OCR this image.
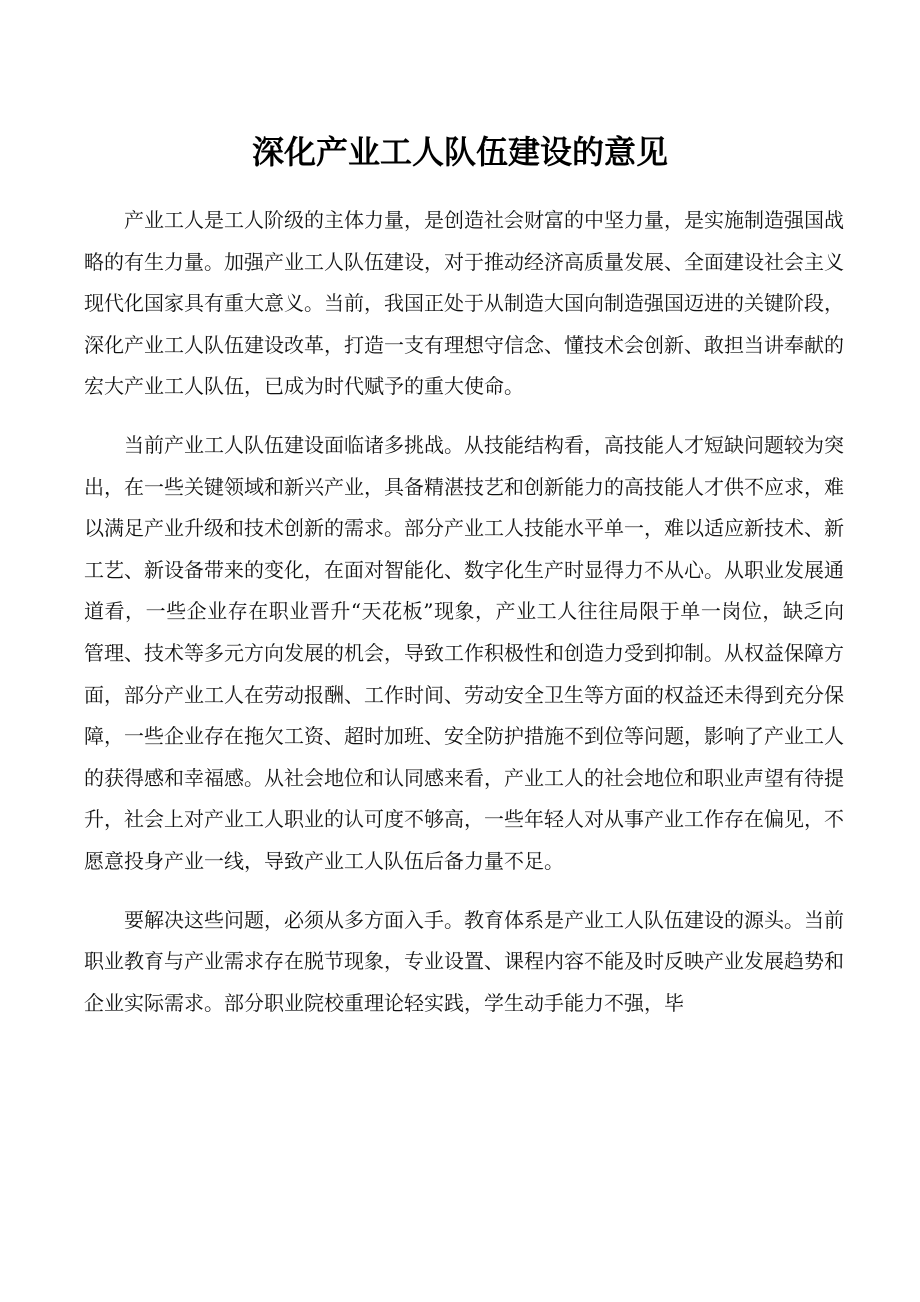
深化产业工人队伍建设的意见

产业工人是工人阶级的主体力量，是创造社会财富的中坚力量，是实施制造强国战略的有生力量。加强产业工人队伍建设，对于推动经济高质量发展、全面建设社会主义现代化国家具有重大意义。当前，我国正处于从制造大国向制造强国迈进的关键阶段，深化产业工人队伍建设改革，打造一支有理想守信念、懂技术会创新、敢担当讲奉献的宏大产业工人队伍，已成为时代赋予的重大使命。

当前产业工人队伍建设面临诸多挑战。从技能结构看，高技能人才短缺问题较为突出，在一些关键领域和新兴产业，具备精湛技艺和创新能力的高技能人才供不应求，难以满足产业升级和技术创新的需求。部分产业工人技能水平单一，难以适应新技术、新工艺、新设备带来的变化，在面对智能化、数字化生产时显得力不从心。从职业发展通道看，一些企业存在职业晋升“天花板”现象，产业工人往往局限于单一岗位，缺乏向管理、技术等多元方向发展的机会，导致工作积极性和创造力受到抑制。从权益保障方面，部分产业工人在劳动报酬、工作时间、劳动安全卫生等方面的权益还未得到充分保障，一些企业存在拖欠工资、超时加班、安全防护措施不到位等问题，影响了产业工人的获得感和幸福感。从社会地位和认同感来看，产业工人的社会地位和职业声望有待提升，社会上对产业工人职业的认可度不够高，一些年轻人对从事产业工作存在偏见，不愿意投身产业一线，导致产业工人队伍后备力量不足。

要解决这些问题，必须从多方面入手。教育体系是产业工人队伍建设的源头。当前职业教育与产业需求存在脱节现象，专业设置、课程内容不能及时反映产业发展趋势和企业实际需求。部分职业院校重理论轻实践，学生动手能力不强，毕
